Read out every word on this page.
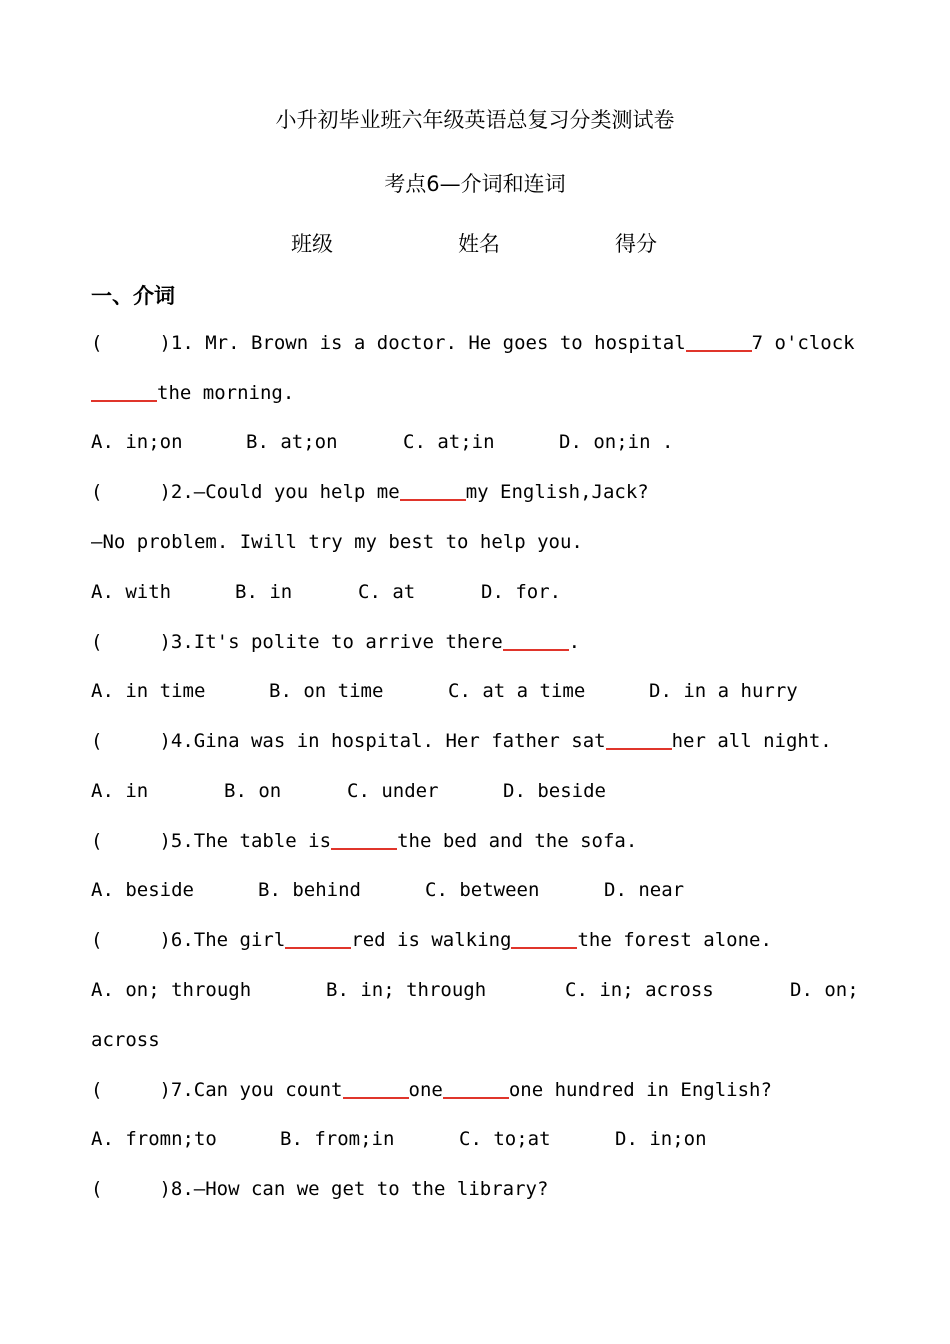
小升初毕业班六年级英语总复习分类测试卷
考点6—介词和连词
班级	姓名	得分
一、介词
(	)1. Mr. Brown is a doctor. He goes to hospital	7 o'clock
the morning.
A. in;on	B. at;on	C. at;in	D. on;in .
(	)2.—Could you help me	my English,Jack?
—No problem. Iwill try my best to help you.
A. with	B. in	C. at	D. for.
(	)3.It's polite to arrive there	.
A. in time	B. on time	C. at a time	D. in a hurry
(	)4.Gina was in hospital. Her father sat	her all night.
A. in	B. on	C. under	D. beside
(	)5.The table is	the bed and the sofa.
A. beside	B. behind	C. between	D. near
(	)6.The girl	red is walking	the forest alone.
A. on; through	B. in; through	C. in; across	D. on;
across
(	)7.Can you count	one	one hundred in English?
A. fromn;to	B. from;in	C. to;at	D. in;on
(	)8.—How can we get to the library?
